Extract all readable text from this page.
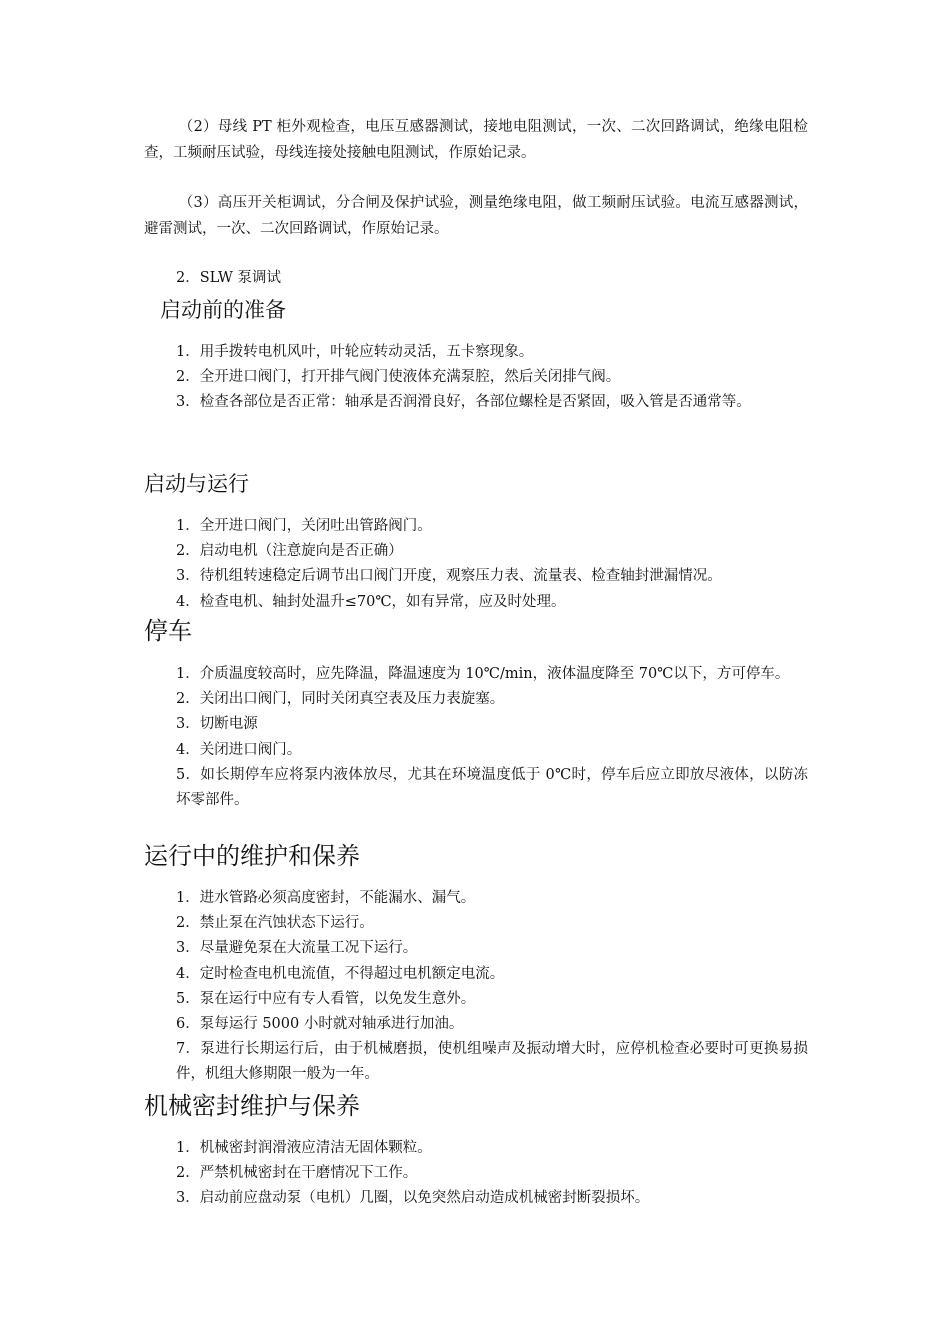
（2）母线 PT 柜外观检查，电压互感器测试，接地电阻测试，一次、二次回路调试，绝缘电阻检查，工频耐压试验，母线连接处接触电阻测试，作原始记录。

（3）高压开关柜调试，分合闸及保护试验，测量绝缘电阻，做工频耐压试验。电流互感器测试，避雷测试，一次、二次回路调试，作原始记录。

2．SLW 泵调试

启动前的准备
1．用手拨转电机风叶，叶轮应转动灵活，五卡察现象。
2．全开进口阀门，打开排气阀门使液体充满泵腔，然后关闭排气阀。
3．检查各部位是否正常：轴承是否润滑良好，各部位螺栓是否紧固，吸入管是否通常等。
启动与运行
1．全开进口阀门，关闭吐出管路阀门。
2．启动电机（注意旋向是否正确）
3．待机组转速稳定后调节出口阀门开度，观察压力表、流量表、检查轴封泄漏情况。
4．检查电机、轴封处温升≤70℃，如有异常，应及时处理。
停车
1．介质温度较高时，应先降温，降温速度为 10℃/min，液体温度降至 70℃以下，方可停车。
2．关闭出口阀门，同时关闭真空表及压力表旋塞。
3．切断电源
4．关闭进口阀门。
5．如长期停车应将泵内液体放尽，尤其在环境温度低于 0℃时，停车后应立即放尽液体，以防冻坏零部件。
运行中的维护和保养
1．进水管路必须高度密封，不能漏水、漏气。
2．禁止泵在汽蚀状态下运行。
3．尽量避免泵在大流量工况下运行。
4．定时检查电机电流值，不得超过电机额定电流。
5．泵在运行中应有专人看管，以免发生意外。
6．泵每运行 5000 小时就对轴承进行加油。
7．泵进行长期运行后，由于机械磨损，使机组噪声及振动增大时，应停机检查必要时可更换易损件，机组大修期限一般为一年。
机械密封维护与保养
1．机械密封润滑液应清洁无固体颗粒。
2．严禁机械密封在干磨情况下工作。
3．启动前应盘动泵（电机）几圈，以免突然启动造成机械密封断裂损坏。
